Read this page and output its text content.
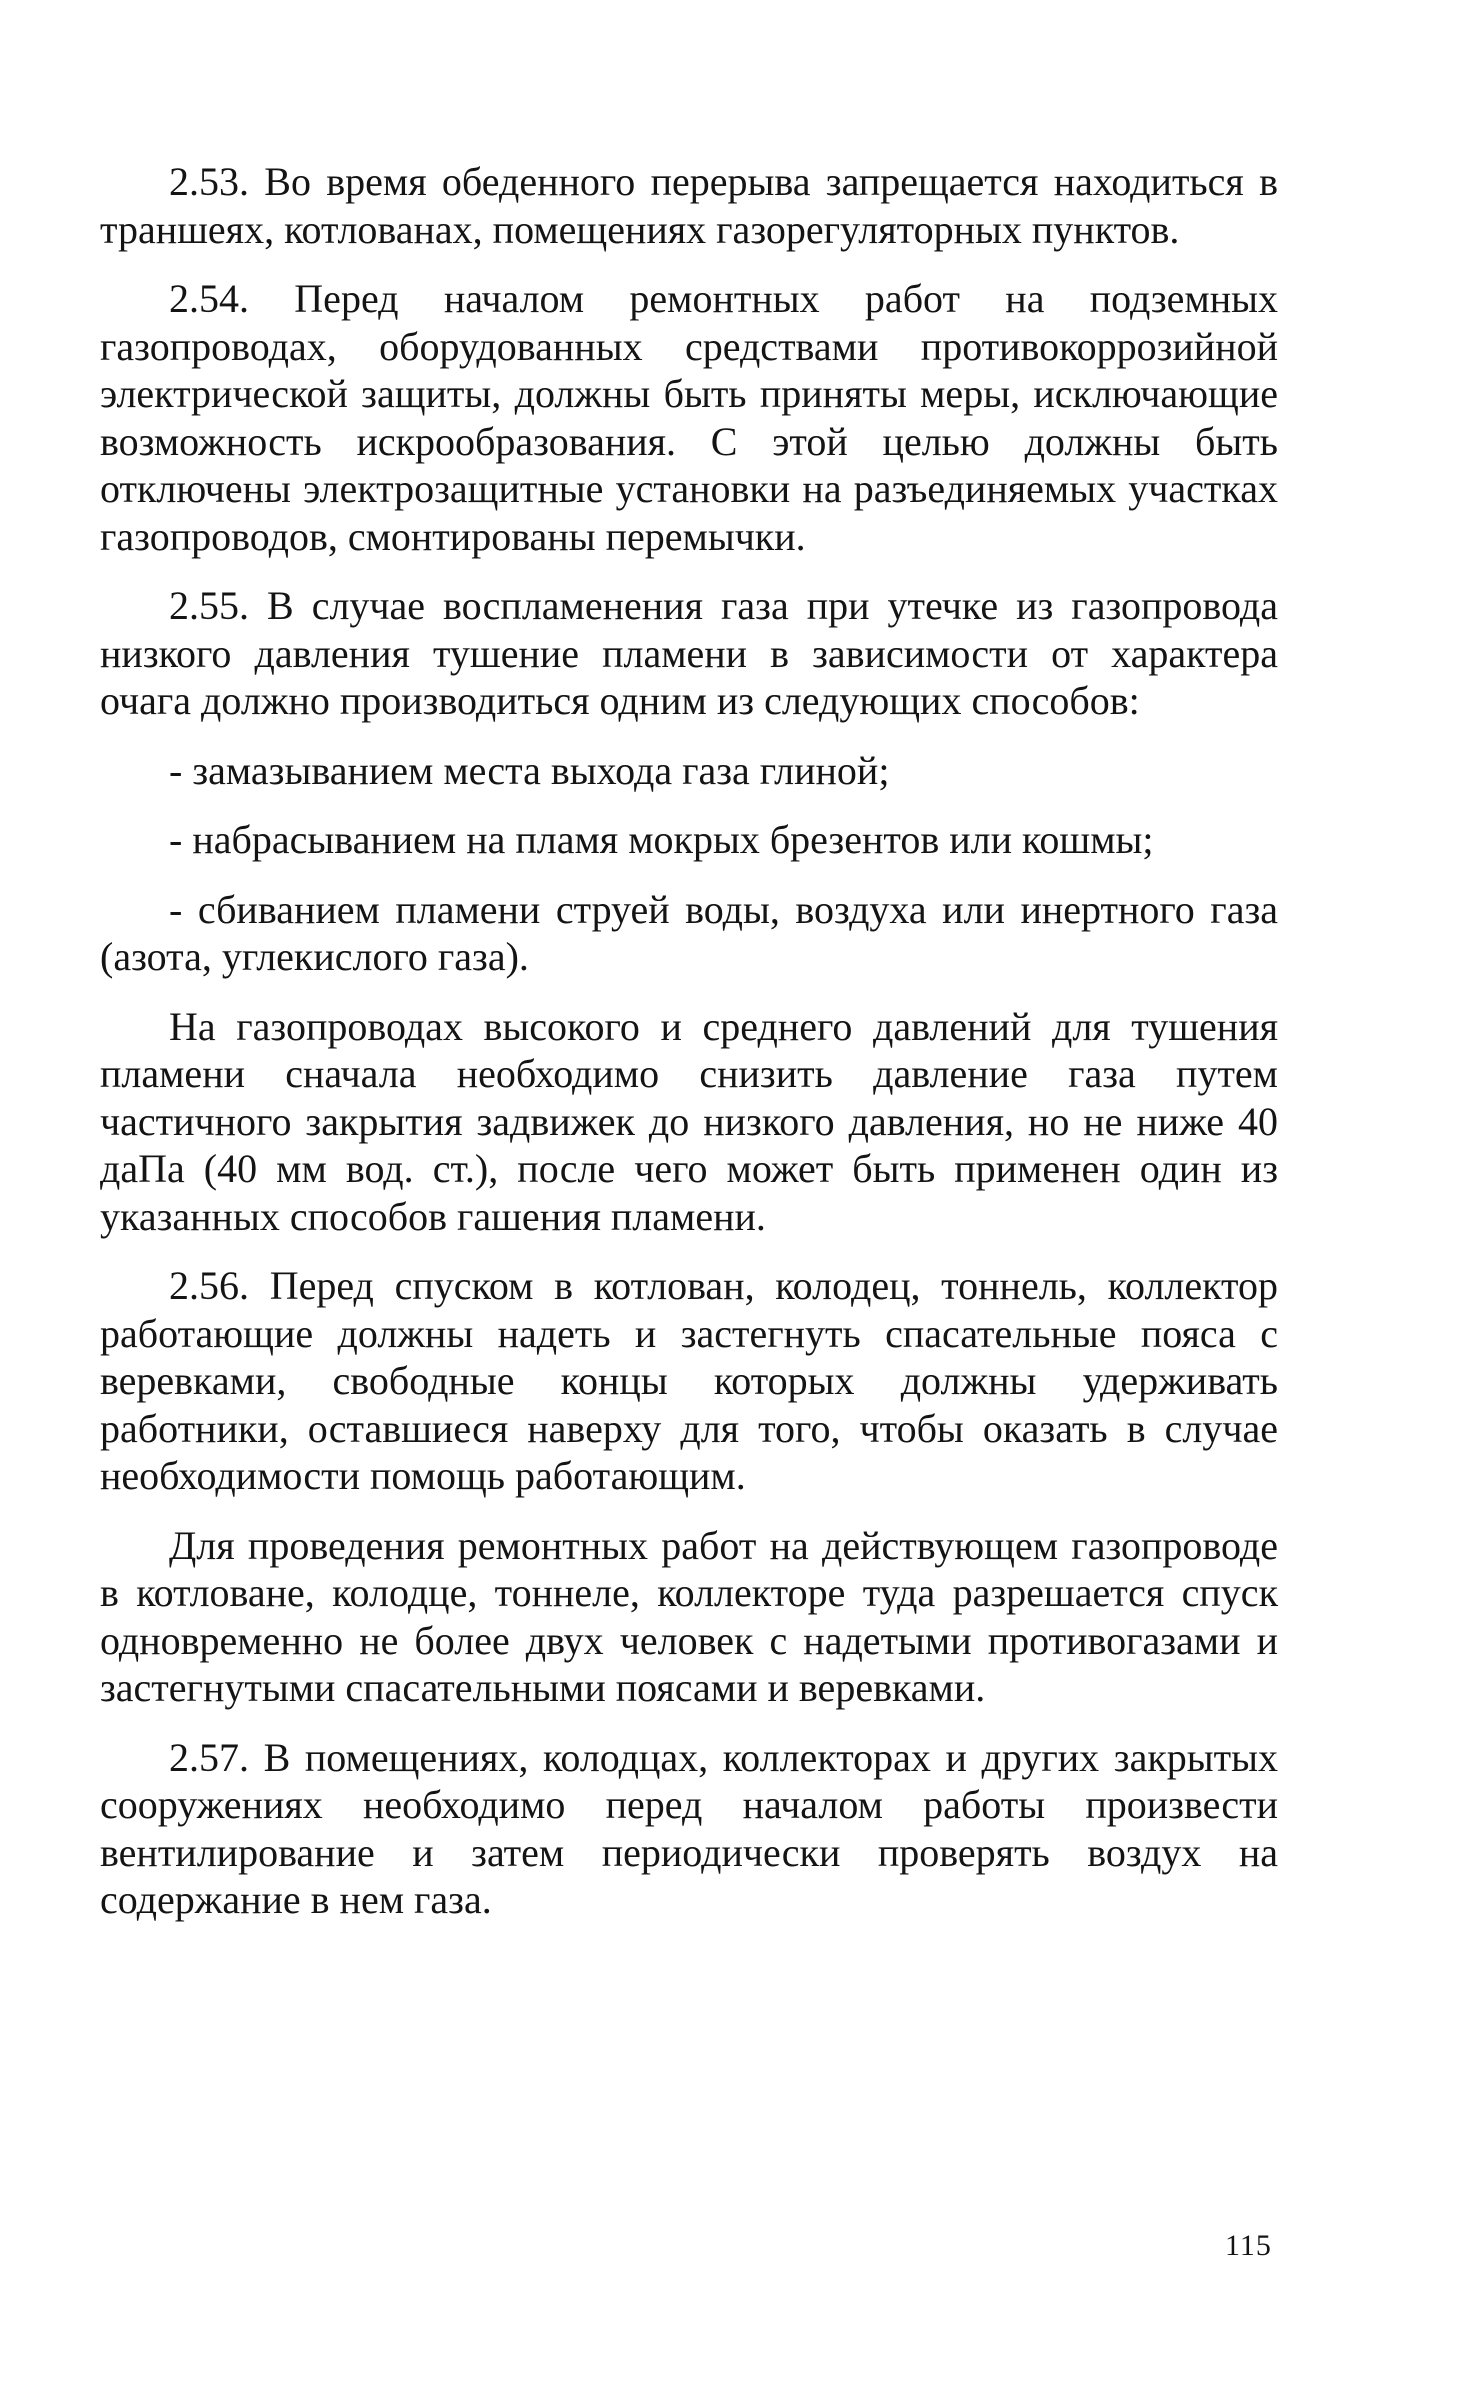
2.53. Во время обеденного перерыва запрещается находиться в траншеях, котлованах, помещениях газорегуляторных пунктов.

2.54. Перед началом ремонтных работ на подземных газопроводах, оборудованных средствами противокоррозийной электрической защиты, должны быть приняты меры, исключающие возможность искрообразования. С этой целью должны быть отключены электрозащитные установки на разъединяемых участках газопроводов, смонтированы перемычки.

2.55. В случае воспламенения газа при утечке из газопровода низкого давления тушение пламени в зависимости от характера очага должно производиться одним из следующих способов:

- замазыванием места выхода газа глиной;

- набрасыванием на пламя мокрых брезентов или кошмы;

- сбиванием пламени струей воды, воздуха или инертного газа (азота, углекислого газа).

На газопроводах высокого и среднего давлений для тушения пламени сначала необходимо снизить давление газа путем частичного закрытия задвижек до низкого давления, но не ниже 40 даПа (40 мм вод. ст.), после чего может быть применен один из указанных способов гашения пламени.

2.56. Перед спуском в котлован, колодец, тоннель, коллектор работающие должны надеть и застегнуть спасательные пояса с веревками, свободные концы которых должны удерживать работники, оставшиеся наверху для того, чтобы оказать в случае необходимости помощь работающим.

Для проведения ремонтных работ на действующем газопроводе в котловане, колодце, тоннеле, коллекторе туда разрешается спуск одновременно не более двух человек с надетыми противогазами и застегнутыми спасательными поясами и веревками.

2.57. В помещениях, колодцах, коллекторах и других закрытых сооружениях необходимо перед началом работы произвести вентилирование и затем периодически проверять воздух на содержание в нем газа.

115
